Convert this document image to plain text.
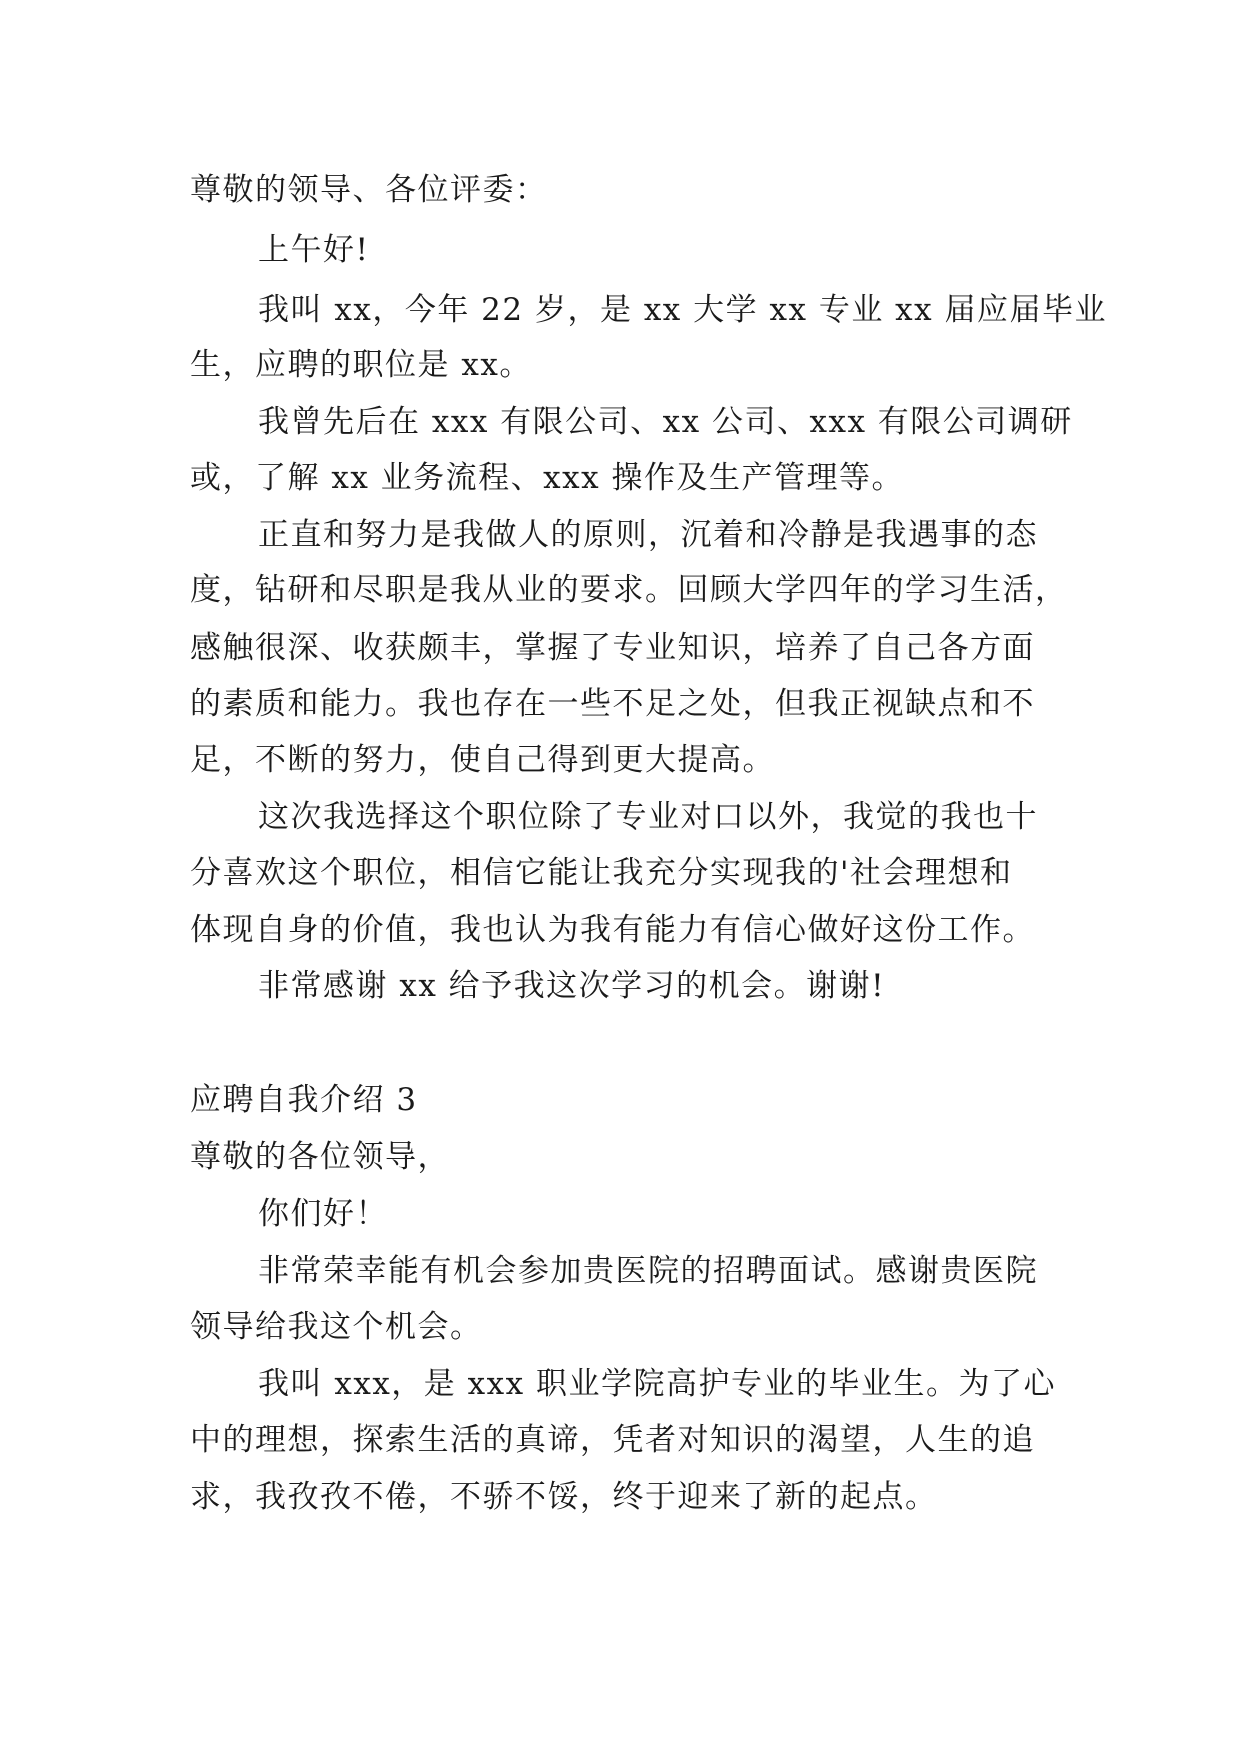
尊敬的领导、各位评委：
上午好!
我叫 xx，今年 22 岁，是 xx 大学 xx 专业 xx 届应届毕业
生，应聘的职位是 xx。
我曾先后在 xxx 有限公司、xx 公司、xxx 有限公司调研
或，了解 xx 业务流程、xxx 操作及生产管理等。
正直和努力是我做人的原则，沉着和冷静是我遇事的态
度，钻研和尽职是我从业的要求。回顾大学四年的学习生活，
感触很深、收获颇丰，掌握了专业知识，培养了自己各方面
的素质和能力。我也存在一些不足之处，但我正视缺点和不
足，不断的努力，使自己得到更大提高。
这次我选择这个职位除了专业对口以外，我觉的我也十
分喜欢这个职位，相信它能让我充分实现我的'社会理想和
体现自身的价值，我也认为我有能力有信心做好这份工作。
非常感谢 xx 给予我这次学习的机会。谢谢!
应聘自我介绍 3
尊敬的各位领导，
你们好！
非常荣幸能有机会参加贵医院的招聘面试。感谢贵医院
领导给我这个机会。
我叫 xxx，是 xxx 职业学院高护专业的毕业生。为了心
中的理想，探索生活的真谛，凭者对知识的渴望，人生的追
求，我孜孜不倦，不骄不馁，终于迎来了新的起点。
